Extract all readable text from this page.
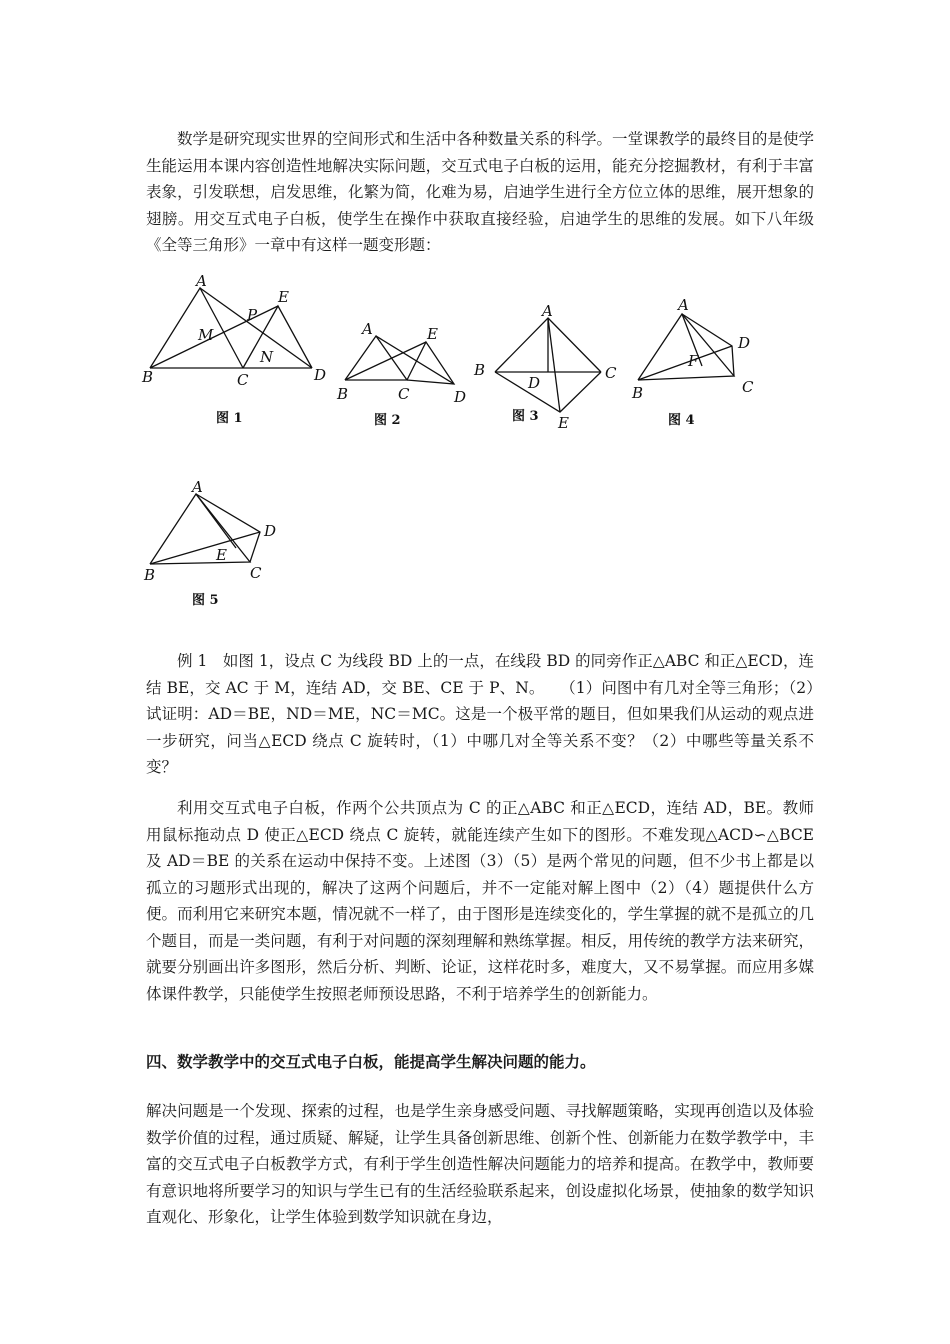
数学是研究现实世界的空间形式和生活中各种数量关系的科学。一堂课教学的最终目的是使学生能运用本课内容创造性地解决实际问题，交互式电子白板的运用，能充分挖掘教材，有利于丰富表象，引发联想，启发思维，化繁为简，化难为易，启迪学生进行全方位立体的思维，展开想象的翅膀。用交互式电子白板，使学生在操作中获取直接经验，启迪学生的思维的发展。如下八年级《全等三角形》一章中有这样一题变形题：

A
B	C	D
E
M
N
P
图 1
A
B	C	D
E
图 2
A
B	C
D
E
图 3
A
B	C
D
F
图 4
A
B	C
D
E
图 5

例 1　如图 1，设点 C 为线段 BD 上的一点，在线段 BD 的同旁作正△ABC 和正△ECD，连结 BE，交 AC 于 M，连结 AD，交 BE、CE 于 P、N。　　（1）问图中有几对全等三角形；（2）试证明：AD＝BE，ND＝ME，NC＝MC。这是一个极平常的题目，但如果我们从运动的观点进一步研究，问当△ECD 绕点 C 旋转时，（1）中哪几对全等关系不变？（2）中哪些等量关系不变？

利用交互式电子白板，作两个公共顶点为 C 的正△ABC 和正△ECD，连结 AD，BE。教师用鼠标拖动点 D 使正△ECD 绕点 C 旋转，就能连续产生如下的图形。不难发现△ACD∽△BCE 及 AD＝BE 的关系在运动中保持不变。上述图（3）（5）是两个常见的问题，但不少书上都是以孤立的习题形式出现的，解决了这两个问题后，并不一定能对解上图中（2）（4）题提供什么方便。而利用它来研究本题，情况就不一样了，由于图形是连续变化的，学生掌握的就不是孤立的几个题目，而是一类问题，有利于对问题的深刻理解和熟练掌握。相反，用传统的教学方法来研究，就要分别画出许多图形，然后分析、判断、论证，这样花时多，难度大，又不易掌握。而应用多媒体课件教学，只能使学生按照老师预设思路，不利于培养学生的创新能力。

四、数学教学中的交互式电子白板，能提高学生解决问题的能力。

解决问题是一个发现、探索的过程，也是学生亲身感受问题、寻找解题策略，实现再创造以及体验数学价值的过程，通过质疑、解疑，让学生具备创新思维、创新个性、创新能力在数学教学中，丰富的交互式电子白板教学方式，有利于学生创造性解决问题能力的培养和提高。在教学中，教师要有意识地将所要学习的知识与学生已有的生活经验联系起来，创设虚拟化场景，使抽象的数学知识直观化、形象化，让学生体验到数学知识就在身边，
